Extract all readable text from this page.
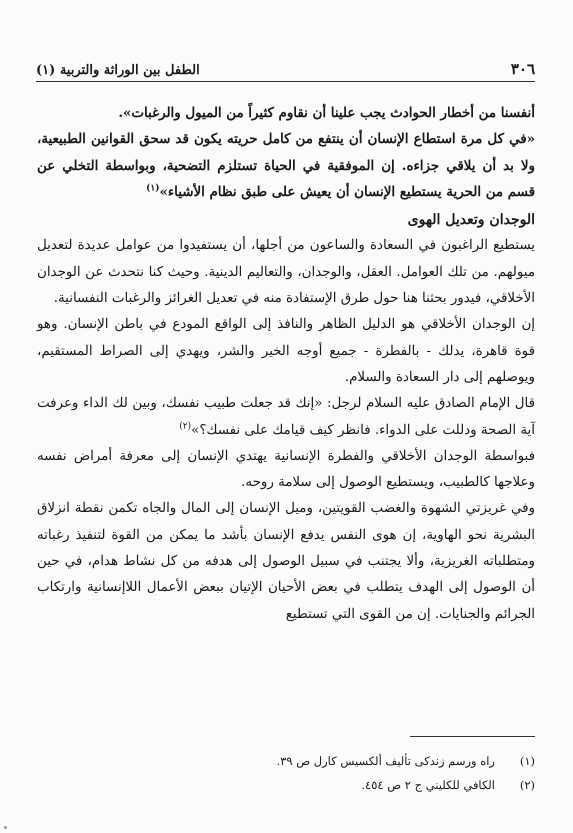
٣٠٦
الطفل بين الوراثة والتربية (١)

أنفسنا من أخطار الحوادث يجب علينا أن نقاوم كثيراً من الميول والرغبات».

«في كل مرة استطاع الإنسان أن ينتفع من كامل حريته يكون قد سحق القوانين الطبيعية، ولا بد أن يلاقي جزاءه. إن الموفقية في الحياة تستلزم التضحية، وبواسطة التخلي عن قسم من الحرية يستطيع الإنسان أن يعيش على طبق نظام الأشياء»$^{(١)}$

الوجدان وتعديل الهوى

يستطيع الراغبون في السعادة والساعون من أجلها، أن يستفيدوا من عوامل عديدة لتعديل ميولهم. من تلك العوامل. العقل، والوجدان، والتعاليم الدينية. وحيث كنا نتحدث عن الوجدان الأخلاقي، فيدور بحثنا هنا حول طرق الإستفادة منه في تعديل الغرائز والرغبات النفسانية.

إن الوجدان الأخلاقي هو الدليل الظاهر والنافذ إلى الواقع المودع في باطن الإنسان. وهو قوة قاهرة، يدلك - بالفطرة - جميع أوجه الخير والشر، ويهدي إلى الصراط المستقيم، ويوصلهم إلى دار السعادة والسلام.

قال الإمام الصادق عليه السلام لرجل: «إنك قد جعلت طبيب نفسك، وبين لك الداء وعرفت آية الصحة ودللت على الدواء. فانظر كيف قيامك على نفسك؟»$^{(٢)}$

فبواسطة الوجدان الأخلاقي والفطرة الإنسانية يهتدي الإنسان إلى معرفة أمراض نفسه وعلاجها كالطبيب، ويستطيع الوصول إلى سلامة روحه.

وفي غريزتي الشهوة والغضب القويتين، وميل الإنسان إلى المال والجاه تكمن نقطة انزلاق البشرية نحو الهاوية، إن هوى النفس يدفع الإنسان بأشد ما يمكن من القوة لتنفيذ رغباته ومتطلباته الغريزية، وألا يجتنب في سبيل الوصول إلى هدفه من كل نشاط هدام، في حين أن الوصول إلى الهدف يتطلب في بعض الأحيان الإتيان ببعض الأعمال اللاإنسانية وارتكاب الجرائم والجنايات. إن من القوى التي تستطيع

(١)
راه ورسم زندكى تأليف ألكسيس كارل ص ٣٩.
(٢)
الكافي للكليني ج ٢ ص ٤٥٤.
